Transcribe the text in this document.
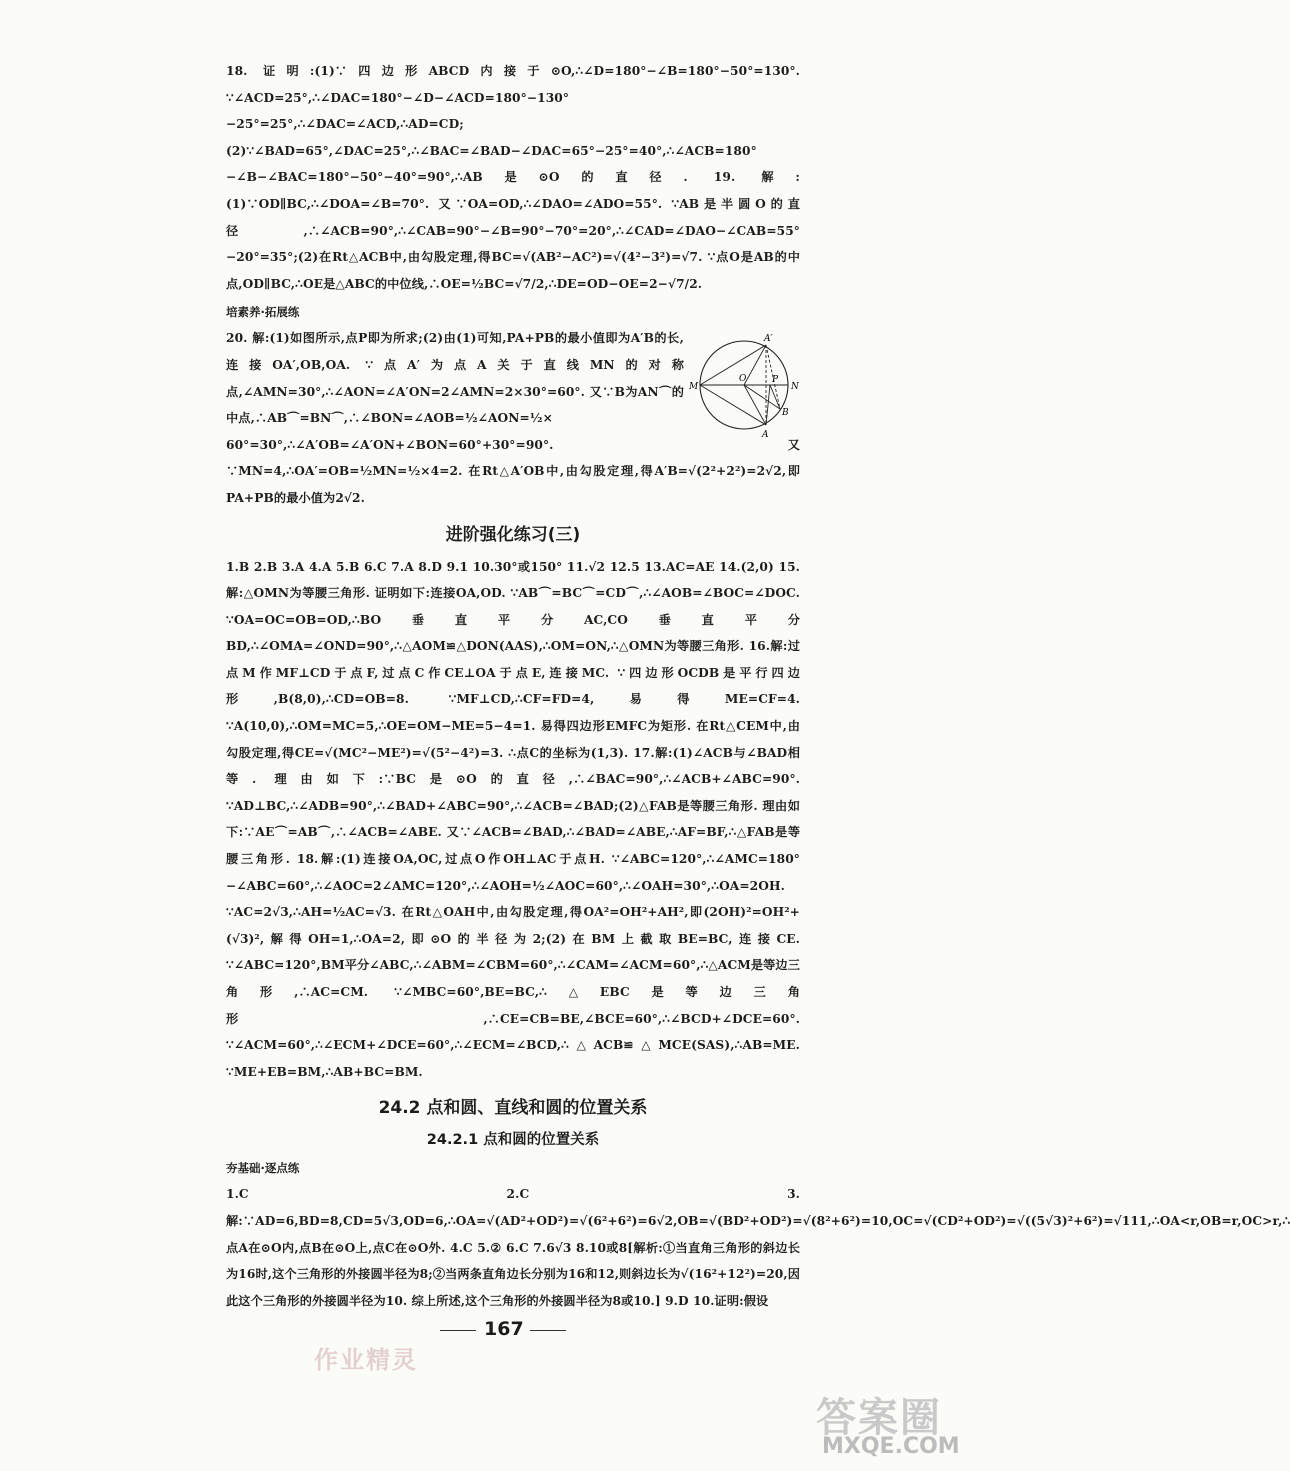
18. 证明:(1)∵四边形ABCD内接于⊙O,∴∠D=180°−∠B=180°−50°=130°. ∵∠ACD=25°,∴∠DAC=180°−∠D−∠ACD=180°−130°−25°=25°,∴∠DAC=∠ACD,∴AD=CD;(2)∵∠BAD=65°,∠DAC=25°,∴∠BAC=∠BAD−∠DAC=65°−25°=40°,∴∠ACB=180°−∠B−∠BAC=180°−50°−40°=90°,∴AB是⊙O的直径. 19. 解:(1)∵OD∥BC,∴∠DOA=∠B=70°. 又∵OA=OD,∴∠DAO=∠ADO=55°. ∵AB是半圆O的直径,∴∠ACB=90°,∴∠CAB=90°−∠B=90°−70°=20°,∴∠CAD=∠DAO−∠CAB=55°−20°=35°;(2)在Rt△ACB中,由勾股定理,得BC=√(AB²−AC²)=√(4²−3²)=√7. ∵点O是AB的中点,OD∥BC,∴OE是△ABC的中位线,∴OE=½BC=√7/2,∴DE=OD−OE=2−√7/2.

培素养·拓展练

20. 解:(1)如图所示,点P即为所求;(2)由(1)可知,PA+PB的最小值即为A′B的长,连接OA′,OB,OA. ∵点A′为点A关于直线MN的对称点,∠AMN=30°,∴∠AON=∠A′ON=2∠AMN=2×30°=60°. 又∵B为AN⌒的中点,∴AB⌒=BN⌒,∴∠BON=∠AOB=½∠AON=½×

A′
M
O	P
N
B
A

60°=30°,∴∠A′OB=∠A′ON+∠BON=60°+30°=90°. 又∵MN=4,∴OA′=OB=½MN=½×4=2. 在Rt△A′OB中,由勾股定理,得A′B=√(2²+2²)=2√2,即PA+PB的最小值为2√2.

进阶强化练习(三)

1.B 2.B 3.A 4.A 5.B 6.C 7.A 8.D 9.1 10.30°或150° 11.√2 12.5 13.AC=AE 14.(2,0) 15.解:△OMN为等腰三角形. 证明如下:连接OA,OD. ∵AB⌒=BC⌒=CD⌒,∴∠AOB=∠BOC=∠DOC. ∵OA=OC=OB=OD,∴BO垂直平分AC,CO垂直平分BD,∴∠OMA=∠OND=90°,∴△AOM≌△DON(AAS),∴OM=ON,∴△OMN为等腰三角形. 16.解:过点M作MF⊥CD于点F,过点C作CE⊥OA于点E,连接MC. ∵四边形OCDB是平行四边形,B(8,0),∴CD=OB=8. ∵MF⊥CD,∴CF=FD=4,易得ME=CF=4. ∵A(10,0),∴OM=MC=5,∴OE=OM−ME=5−4=1. 易得四边形EMFC为矩形. 在Rt△CEM中,由勾股定理,得CE=√(MC²−ME²)=√(5²−4²)=3. ∴点C的坐标为(1,3). 17.解:(1)∠ACB与∠BAD相等. 理由如下:∵BC是⊙O的直径,∴∠BAC=90°,∴∠ACB+∠ABC=90°. ∵AD⊥BC,∴∠ADB=90°,∴∠BAD+∠ABC=90°,∴∠ACB=∠BAD;(2)△FAB是等腰三角形. 理由如下:∵AE⌒=AB⌒,∴∠ACB=∠ABE. 又∵∠ACB=∠BAD,∴∠BAD=∠ABE,∴AF=BF,∴△FAB是等腰三角形. 18.解:(1)连接OA,OC,过点O作OH⊥AC于点H. ∵∠ABC=120°,∴∠AMC=180°−∠ABC=60°,∴∠AOC=2∠AMC=120°,∴∠AOH=½∠AOC=60°,∴∠OAH=30°,∴OA=2OH. ∵AC=2√3,∴AH=½AC=√3. 在Rt△OAH中,由勾股定理,得OA²=OH²+AH²,即(2OH)²=OH²+(√3)²,解得OH=1,∴OA=2,即⊙O的半径为2;(2)在BM上截取BE=BC,连接CE. ∵∠ABC=120°,BM平分∠ABC,∴∠ABM=∠CBM=60°,∴∠CAM=∠ACM=60°,∴△ACM是等边三角形,∴AC=CM. ∵∠MBC=60°,BE=BC,∴△EBC是等边三角形,∴CE=CB=BE,∠BCE=60°,∴∠BCD+∠DCE=60°. ∵∠ACM=60°,∴∠ECM+∠DCE=60°,∴∠ECM=∠BCD,∴△ACB≌△MCE(SAS),∴AB=ME. ∵ME+EB=BM,∴AB+BC=BM.

24.2 点和圆、直线和圆的位置关系
24.2.1 点和圆的位置关系
夯基础·逐点练

1.C 2.C 3.解:∵AD=6,BD=8,CD=5√3,OD=6,∴OA=√(AD²+OD²)=√(6²+6²)=6√2,OB=√(BD²+OD²)=√(8²+6²)=10,OC=√(CD²+OD²)=√((5√3)²+6²)=√111,∴OA<r,OB=r,OC>r,∴点A在⊙O内,点B在⊙O上,点C在⊙O外. 4.C 5.② 6.C 7.6√3 8.10或8[解析:①当直角三角形的斜边长为16时,这个三角形的外接圆半径为8;②当两条直角边长分别为16和12,则斜边长为√(16²+12²)=20,因此这个三角形的外接圆半径为10. 综上所述,这个三角形的外接圆半径为8或10.] 9.D 10.证明:假设

作业精灵
167
答案圈
MXQE.COM
